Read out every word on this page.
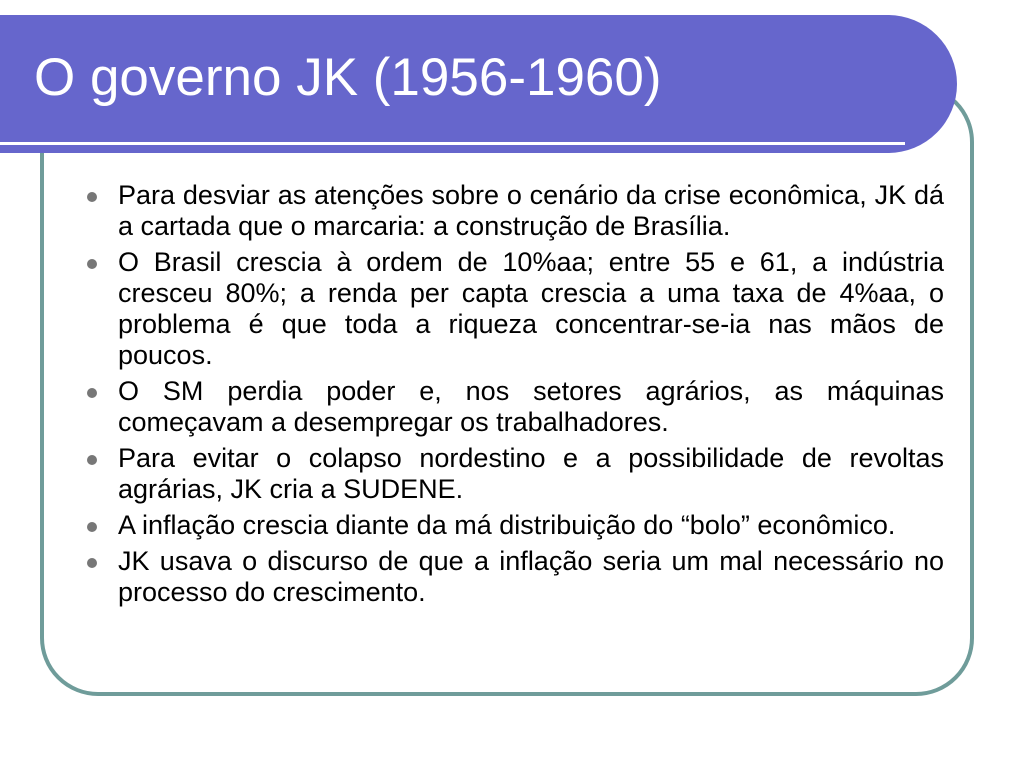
O governo JK (1956-1960)
Para desviar as atenções sobre o cenário da crise econômica, JK dá a cartada que o marcaria: a construção de Brasília.
O Brasil crescia à ordem de 10%aa; entre 55 e 61, a indústria cresceu 80%; a renda per capta crescia a uma taxa de 4%aa, o problema é que toda a riqueza concentrar-se-ia nas mãos de poucos.
O SM perdia poder e, nos setores agrários, as máquinas começavam a desempregar os trabalhadores.
Para evitar o colapso nordestino e a possibilidade de revoltas agrárias, JK cria a SUDENE.
A inflação crescia diante da má distribuição do “bolo” econômico.
JK usava o discurso de que a inflação seria um mal necessário no processo do crescimento.
